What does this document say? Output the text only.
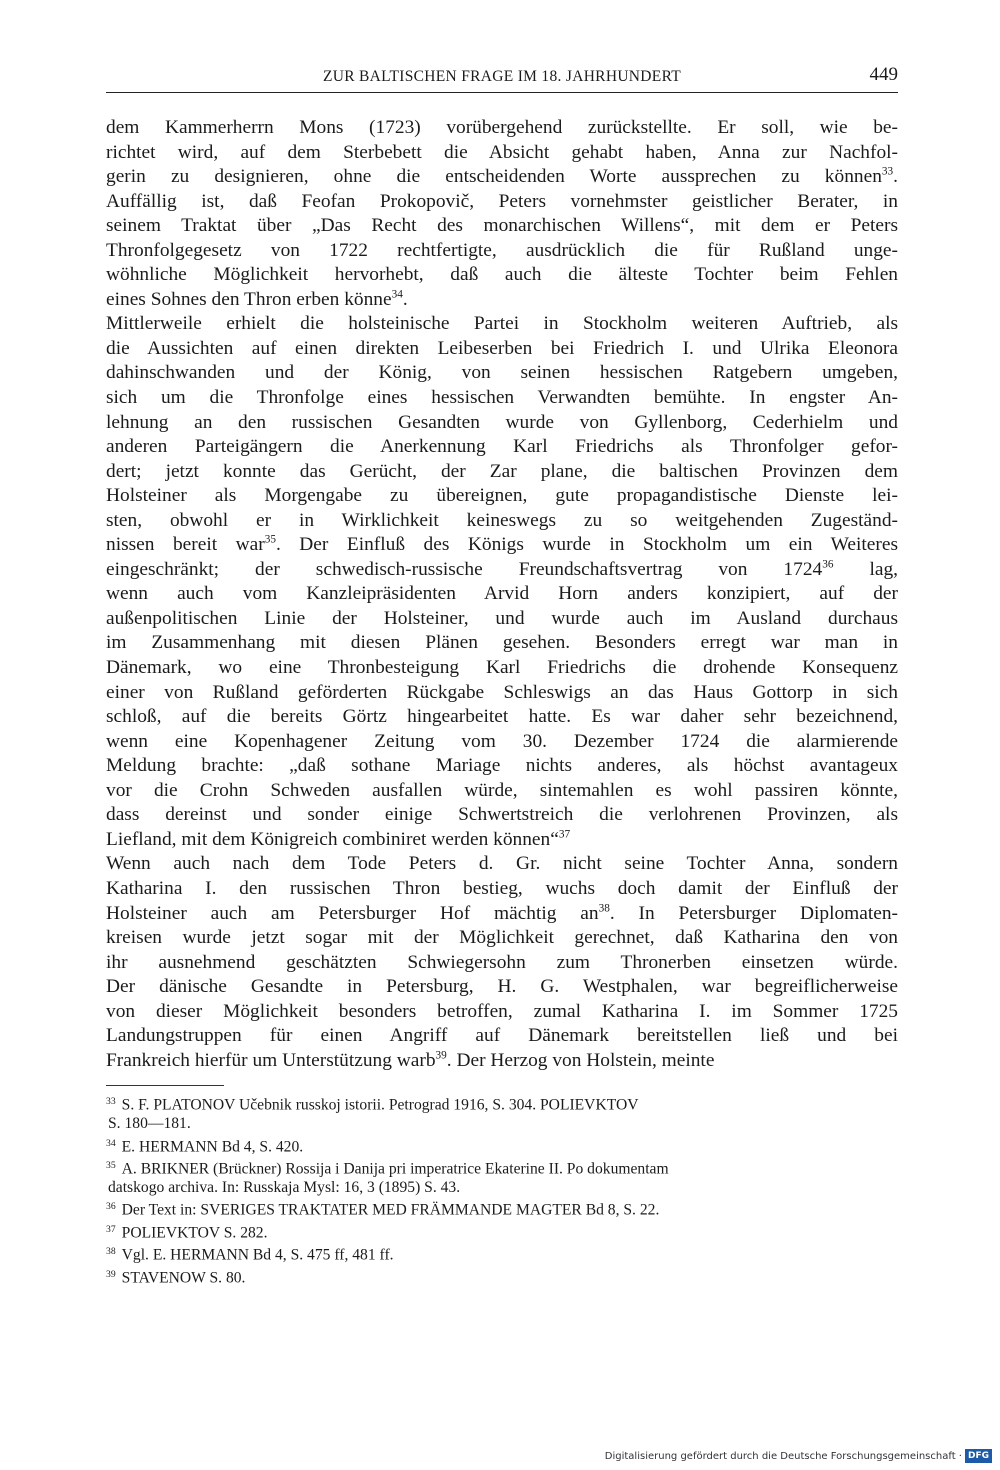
ZUR BALTISCHEN FRAGE IM 18. JAHRHUNDERT	449

dem Kammerherrn Mons (1723) vorübergehend zurückstellte. Er soll, wie be-
richtet wird, auf dem Sterbebett die Absicht gehabt haben, Anna zur Nachfol-
gerin zu designieren, ohne die entscheidenden Worte aussprechen zu können$^{33}$.
Auffällig ist, daß Feofan Prokopovič, Peters vornehmster geistlicher Berater, in
seinem Traktat über „Das Recht des monarchischen Willens“, mit dem er Peters
Thronfolgegesetz von 1722 rechtfertigte, ausdrücklich die für Rußland unge-
wöhnliche Möglichkeit hervorhebt, daß auch die älteste Tochter beim Fehlen
eines Sohnes den Thron erben könne$^{34}$.

Mittlerweile erhielt die holsteinische Partei in Stockholm weiteren Auftrieb, als
die Aussichten auf einen direkten Leibeserben bei Friedrich I. und Ulrika Eleonora
dahinschwanden und der König, von seinen hessischen Ratgebern umgeben,
sich um die Thronfolge eines hessischen Verwandten bemühte. In engster An-
lehnung an den russischen Gesandten wurde von Gyllenborg, Cederhielm und
anderen Parteigängern die Anerkennung Karl Friedrichs als Thronfolger gefor-
dert; jetzt konnte das Gerücht, der Zar plane, die baltischen Provinzen dem
Holsteiner als Morgengabe zu übereignen, gute propagandistische Dienste lei-
sten, obwohl er in Wirklichkeit keineswegs zu so weitgehenden Zugeständ-
nissen bereit war$^{35}$. Der Einfluß des Königs wurde in Stockholm um ein Weiteres
eingeschränkt; der schwedisch-russische Freundschaftsvertrag von 1724$^{36}$ lag,
wenn auch vom Kanzleipräsidenten Arvid Horn anders konzipiert, auf der
außenpolitischen Linie der Holsteiner, und wurde auch im Ausland durchaus
im Zusammenhang mit diesen Plänen gesehen. Besonders erregt war man in
Dänemark, wo eine Thronbesteigung Karl Friedrichs die drohende Konsequenz
einer von Rußland geförderten Rückgabe Schleswigs an das Haus Gottorp in sich
schloß, auf die bereits Görtz hingearbeitet hatte. Es war daher sehr bezeichnend,
wenn eine Kopenhagener Zeitung vom 30. Dezember 1724 die alarmierende
Meldung brachte: „daß sothane Mariage nichts anderes, als höchst avantageux
vor die Crohn Schweden ausfallen würde, sintemahlen es wohl passiren könnte,
dass dereinst und sonder einige Schwertstreich die verlohrenen Provinzen, als
Liefland, mit dem Königreich combiniret werden können“$^{37}$

Wenn auch nach dem Tode Peters d. Gr. nicht seine Tochter Anna, sondern
Katharina I. den russischen Thron bestieg, wuchs doch damit der Einfluß der
Holsteiner auch am Petersburger Hof mächtig $an^{38}$. In Petersburger Diplomaten-
kreisen wurde jetzt sogar mit der Möglichkeit gerechnet, daß Katharina den von
ihr ausnehmend geschätzten Schwiegersohn zum Thronerben einsetzen würde.
Der dänische Gesandte in Petersburg, H. G. Westphalen, war begreiflicherweise
von dieser Möglichkeit besonders betroffen, zumal Katharina I. im Sommer 1725
Landungstruppen für einen Angriff auf Dänemark bereitstellen ließ und bei
Frankreich hierfür um Unterstützung warb$^{39}$. Der Herzog von Holstein, meinte

$^{33}$ S. F. PLATONOV Učebnik russkoj istorii. Petrograd 1916, S. 304. POLIEVKTOV
S. 180—181.
$^{34}$ E. HERMANN Bd 4, S. 420.
$^{35}$ A. BRIKNER (Brückner) Rossija i Danija pri imperatrice Ekaterine II. Po dokumentam
datskogo archiva. In: Russkaja Mysl: 16, 3 (1895) S. 43.
$^{36}$ Der Text in: SVERIGES TRAKTATER MED FRÄMMANDE MAGTER Bd 8, S. 22.
$^{37}$ POLIEVKTOV S. 282.
$^{38}$ Vgl. E. HERMANN Bd 4, S. 475 ff, 481 ff.
$^{39}$ STAVENOW S. 80.
Digitalisierung gefördert durch die Deutsche Forschungsgemeinschaft · DFG
